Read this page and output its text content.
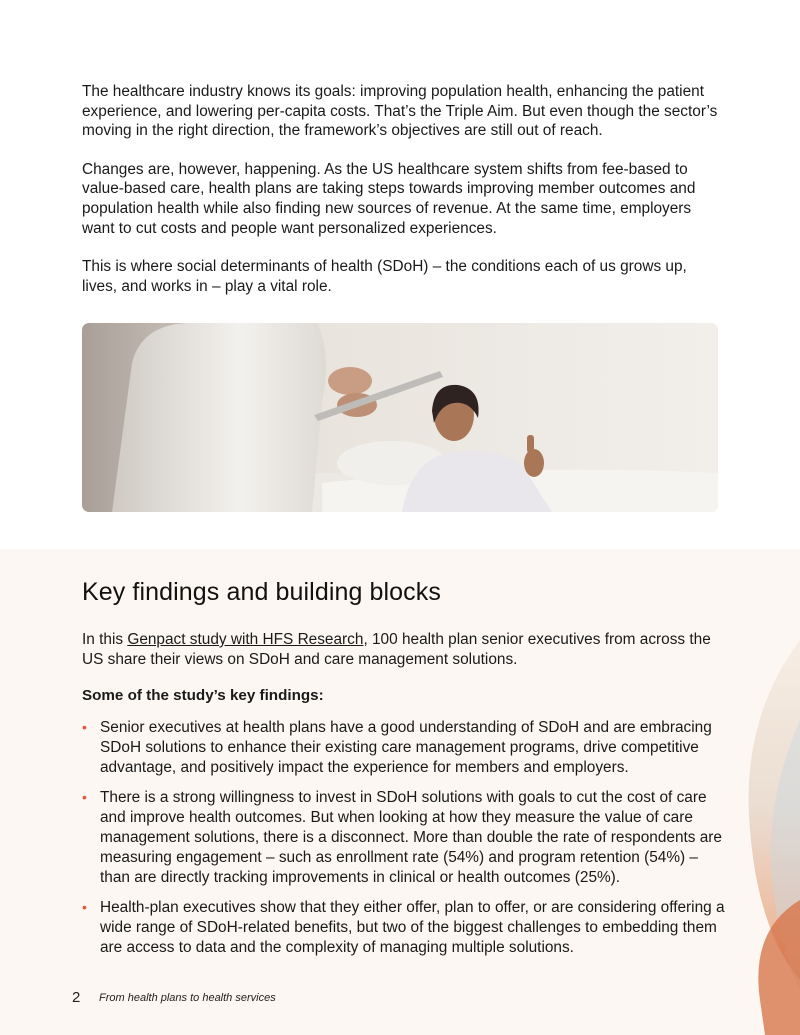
The healthcare industry knows its goals: improving population health, enhancing the patient experience, and lowering per-capita costs. That’s the Triple Aim. But even though the sector’s moving in the right direction, the framework’s objectives are still out of reach.

Changes are, however, happening. As the US healthcare system shifts from fee-based to value-based care, health plans are taking steps towards improving member outcomes and population health while also finding new sources of revenue. At the same time, employers want to cut costs and people want personalized experiences.

This is where social determinants of health (SDoH) – the conditions each of us grows up, lives, and works in – play a vital role.

Key findings and building blocks

In this Genpact study with HFS Research, 100 health plan senior executives from across the US share their views on SDoH and care management solutions.

Some of the study’s key findings:

• Senior executives at health plans have a good understanding of SDoH and are embracing SDoH solutions to enhance their existing care management programs, drive competitive advantage, and positively impact the experience for members and employers.
• There is a strong willingness to invest in SDoH solutions with goals to cut the cost of care and improve health outcomes. But when looking at how they measure the value of care management solutions, there is a disconnect. More than double the rate of respondents are measuring engagement – such as enrollment rate (54%) and program retention (54%) – than are directly tracking improvements in clinical or health outcomes (25%).
• Health-plan executives show that they either offer, plan to offer, or are considering offering a wide range of SDoH-related benefits, but two of the biggest challenges to embedding them are access to data and the complexity of managing multiple solutions.
2 From health plans to health services
